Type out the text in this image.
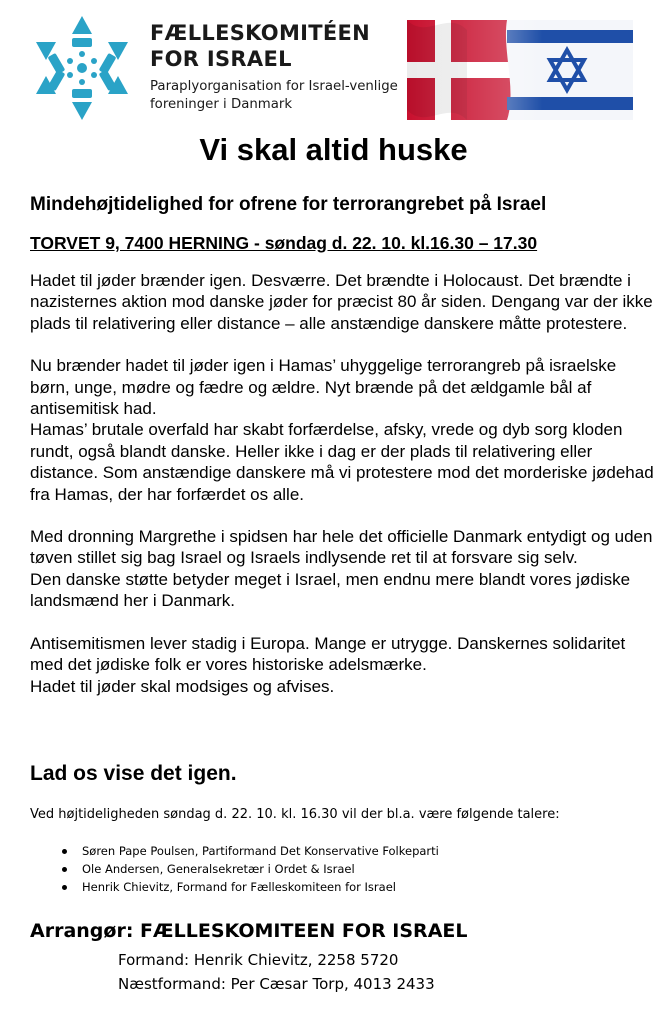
FÆLLESKOMITÉEN
FOR ISRAEL
Paraplyorganisation for Israel-venlige
foreninger i Danmark
Vi skal altid huske
Mindehøjtidelighed for ofrene for terrorangrebet på Israel
TORVET 9, 7400 HERNING - søndag d. 22. 10. kl.16.30 – 17.30

Hadet til jøder brænder igen. Desværre. Det brændte i Holocaust. Det brændte i nazisternes aktion mod danske jøder for præcist 80 år siden. Dengang var der ikke plads til relativering eller distance – alle anstændige danskere måtte protestere.

Nu brænder hadet til jøder igen i Hamas’ uhyggelige terrorangreb på israelske børn, unge, mødre og fædre og ældre. Nyt brænde på det ældgamle bål af antisemitisk had.

Hamas’ brutale overfald har skabt forfærdelse, afsky, vrede og dyb sorg kloden rundt, også blandt danske. Heller ikke i dag er der plads til relativering eller distance. Som anstændige danskere må vi protestere mod det morderiske jødehad fra Hamas, der har forfærdet os alle.

Med dronning Margrethe i spidsen har hele det officielle Danmark entydigt og uden tøven stillet sig bag Israel og Israels indlysende ret til at forsvare sig selv.

Den danske støtte betyder meget i Israel, men endnu mere blandt vores jødiske landsmænd her i Danmark.

Antisemitismen lever stadig i Europa. Mange er utrygge. Danskernes solidaritet med det jødiske folk er vores historiske adelsmærke.

Hadet til jøder skal modsiges og afvises.

Lad os vise det igen.
Ved højtideligheden søndag d. 22. 10. kl. 16.30 vil der bl.a. være følgende talere:
Søren Pape Poulsen, Partiformand Det Konservative Folkeparti
Ole Andersen, Generalsekretær i Ordet & Israel
Henrik Chievitz, Formand for Fælleskomiteen for Israel
Arrangør: FÆLLESKOMITEEN FOR ISRAEL
Formand: Henrik Chievitz, 2258 5720
Næstformand: Per Cæsar Torp, 4013 2433
